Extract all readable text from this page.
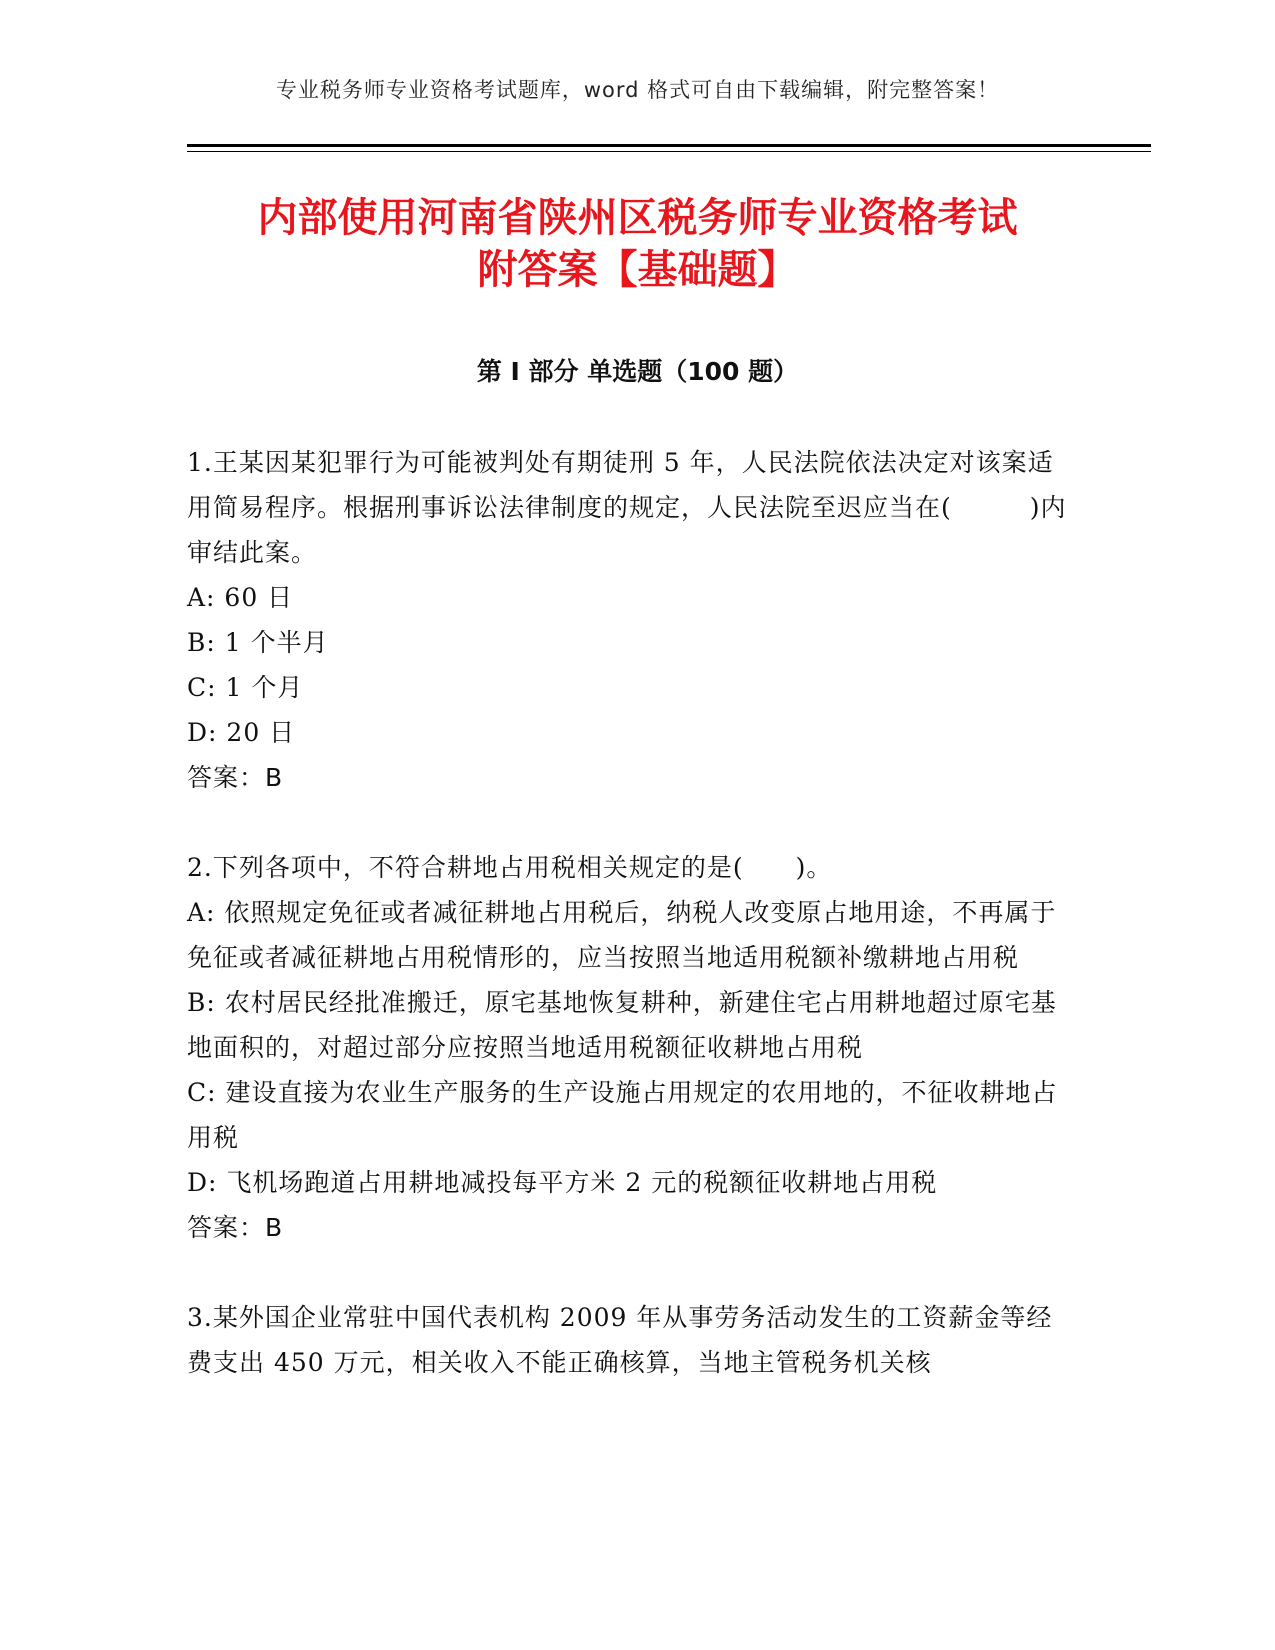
专业税务师专业资格考试题库，word 格式可自由下载编辑，附完整答案！
内部使用河南省陕州区税务师专业资格考试
附答案【基础题】
第 I 部分 单选题（100 题）

1.王某因某犯罪行为可能被判处有期徒刑 5 年，人民法院依法决定对该案适用简易程序。根据刑事诉讼法律制度的规定，人民法院至迟应当在(　　　)内审结此案。

A: 60 日

B: 1 个半月

C: 1 个月

D: 20 日

答案：B

2.下列各项中，不符合耕地占用税相关规定的是(　　)。

A: 依照规定免征或者减征耕地占用税后，纳税人改变原占地用途，不再属于免征或者减征耕地占用税情形的，应当按照当地适用税额补缴耕地占用税

B: 农村居民经批准搬迁，原宅基地恢复耕种，新建住宅占用耕地超过原宅基地面积的，对超过部分应按照当地适用税额征收耕地占用税

C: 建设直接为农业生产服务的生产设施占用规定的农用地的，不征收耕地占用税

D: 飞机场跑道占用耕地减投每平方米 2 元的税额征收耕地占用税

答案：B

3.某外国企业常驻中国代表机构 2009 年从事劳务活动发生的工资薪金等经费支出 450 万元，相关收入不能正确核算，当地主管税务机关核
